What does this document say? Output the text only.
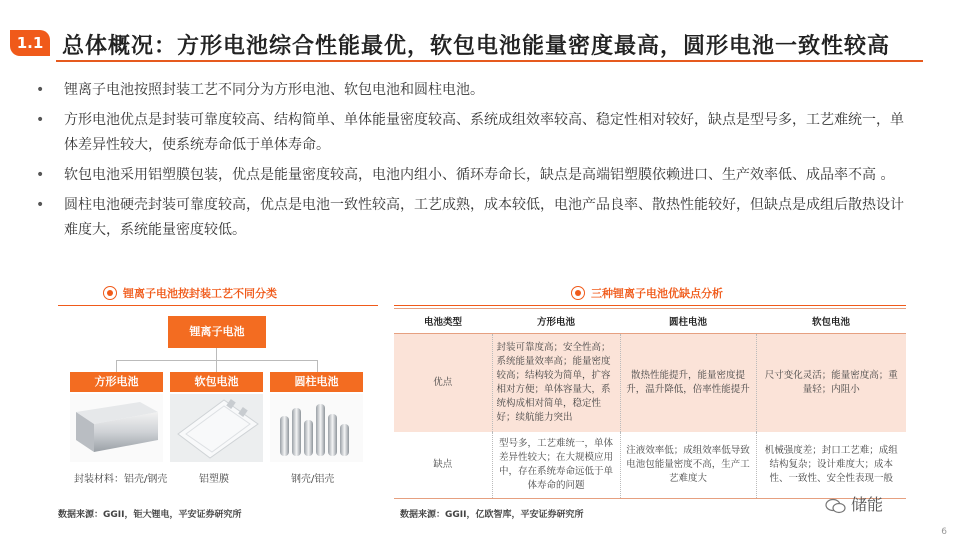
1.1 总体概况：方形电池综合性能最优，软包电池能量密度最高，圆形电池一致性较高
• 锂离子电池按照封装工艺不同分为方形电池、软包电池和圆柱电池。
• 方形电池优点是封装可靠度较高、结构简单、单体能量密度较高、系统成组效率较高、稳定性相对较好，缺点是型号多，工艺难统一，单体差异性较大，使系统寿命低于单体寿命。
• 软包电池采用铝塑膜包装，优点是能量密度较高，电池内组小、循环寿命长，缺点是高端铝塑膜依赖进口、生产效率低、成品率不高 。
• 圆柱电池硬壳封装可靠度较高，优点是电池一致性较高，工艺成熟，成本较低，电池产品良率、散热性能较好，但缺点是成组后散热设计难度大，系统能量密度较低。
锂离子电池按封装工艺不同分类
锂离子电池
方形电池	软包电池	圆柱电池
封装材料：铝壳/钢壳	铝塑膜	钢壳/铝壳
数据来源：GGII，钜大锂电，平安证券研究所
三种锂离子电池优缺点分析
电池类型	方形电池	圆柱电池	软包电池
优点	封装可靠度高；安全性高；系统能量效率高；能量密度较高；结构较为简单，扩容相对方便；单体容量大，系统构成相对简单，稳定性好；续航能力突出	散热性能提升，能量密度提升，温升降低，倍率性能提升	尺寸变化灵活；能量密度高；重量轻；内阻小
缺点	型号多，工艺难统一，单体差异性较大；在大规模应用中，存在系统寿命远低于单体寿命的问题	注液效率低；成组效率低导致电池包能量密度不高，生产工艺难度大	机械强度差；封口工艺难；成组结构复杂；设计难度大；成本性、一致性、安全性表现一般
数据来源：GGII，亿欧智库，平安证券研究所
储能
6
